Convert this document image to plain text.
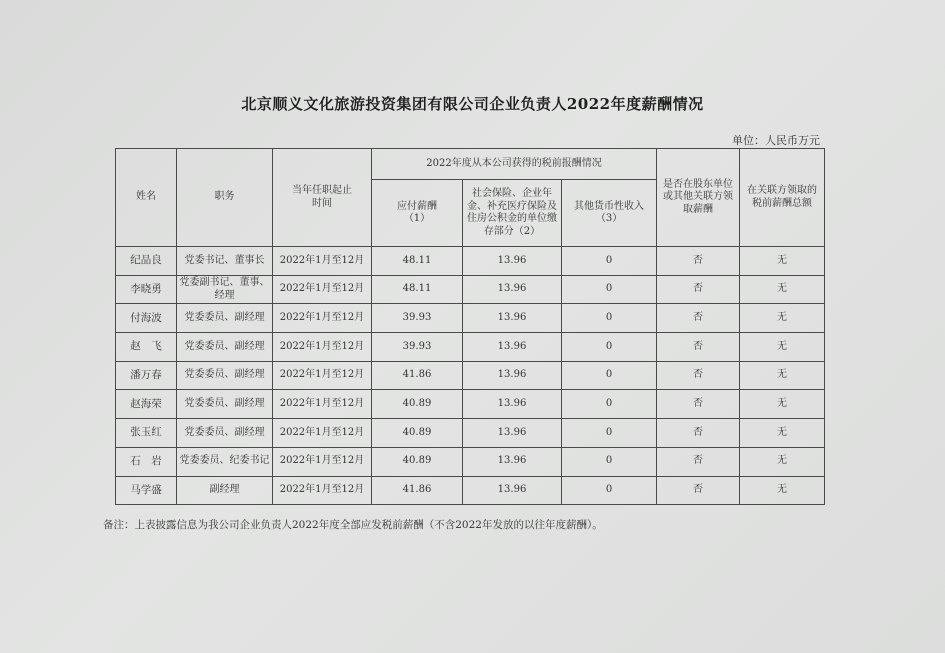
北京顺义文化旅游投资集团有限公司企业负责人2022年度薪酬情况
单位：人民币万元
姓名	职务	当年任职起止时间	2022年度从本公司获得的税前报酬情况			是否在股东单位或其他关联方领取薪酬	在关联方领取的税前薪酬总额
			应付薪酬（1）	社会保险、企业年金、补充医疗保险及住房公积金的单位缴存部分（2）	其他货币性收入（3）		
纪品良	党委书记、董事长	2022年1月至12月	48.11	13.96	0	否	无
李晓勇	党委副书记、董事、经理	2022年1月至12月	48.11	13.96	0	否	无
付海波	党委委员、副经理	2022年1月至12月	39.93	13.96	0	否	无
赵　飞	党委委员、副经理	2022年1月至12月	39.93	13.96	0	否	无
潘万春	党委委员、副经理	2022年1月至12月	41.86	13.96	0	否	无
赵海荣	党委委员、副经理	2022年1月至12月	40.89	13.96	0	否	无
张玉红	党委委员、副经理	2022年1月至12月	40.89	13.96	0	否	无
石　岩	党委委员、纪委书记	2022年1月至12月	40.89	13.96	0	否	无
马学盛	副经理	2022年1月至12月	41.86	13.96	0	否	无
备注：上表披露信息为我公司企业负责人2022年度全部应发税前薪酬（不含2022年发放的以往年度薪酬）。
